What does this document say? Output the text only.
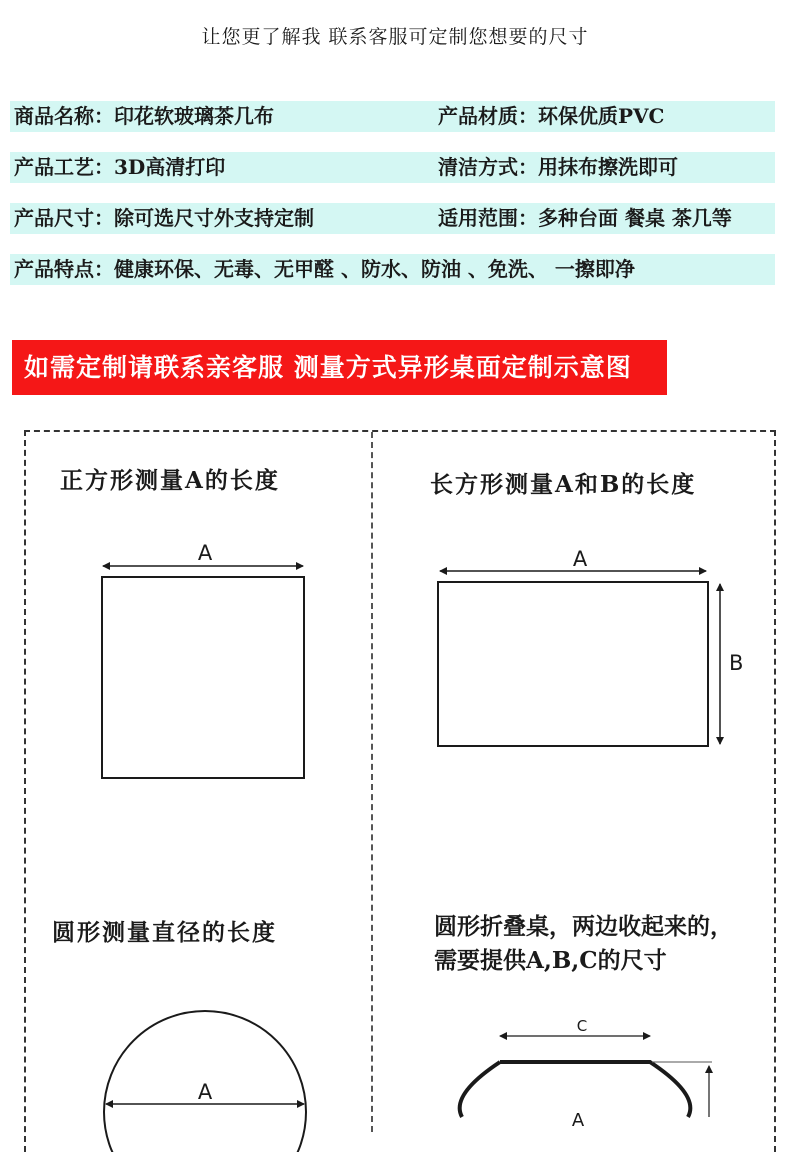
让您更了解我 联系客服可定制您想要的尺寸
商品名称：印花软玻璃茶几布	产品材质：环保优质PVC
产品工艺：3D高清打印	清洁方式：用抹布擦洗即可
产品尺寸：除可选尺寸外支持定制	适用范围：多种台面 餐桌 茶几等
产品特点：健康环保、无毒、无甲醛 、防水、防油 、免洗、 一擦即净
如需定制请联系亲客服 测量方式异形桌面定制示意图
正方形测量A的长度	长方形测量A和B的长度
圆形测量直径的长度	圆形折叠桌，两边收起来的，
需要提供A,B,C的尺寸
A	A
B
A
C
A
